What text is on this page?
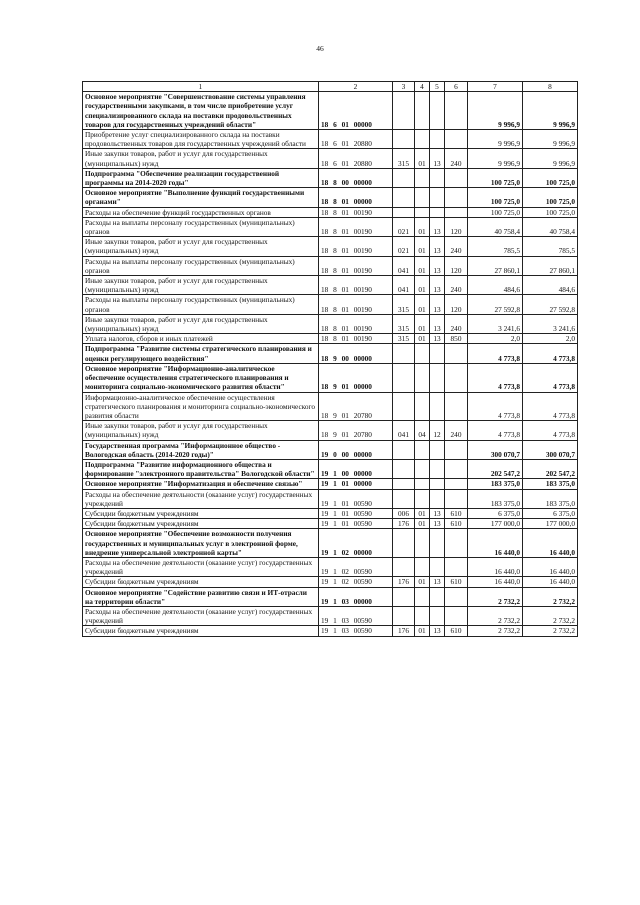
46
1	2	3	4	5	6	7	8
Основное мероприятие "Совершенствование системы управления государственными закупками, в том числе приобретение услуг специализированного склада на поставки продовольственных товаров для государственных учреждений области"	18 6 01 00000					9 996,9	9 996,9
Приобретение услуг специализированного склада на поставки продовольственных товаров для государственных учреждений области	18 6 01 20880					9 996,9	9 996,9
Иные закупки товаров, работ и услуг для государственных (муниципальных) нужд	18 6 01 20880	315	01	13	240	9 996,9	9 996,9
Подпрограмма "Обеспечение реализации государственной программы на 2014-2020 годы"	18 8 00 00000					100 725,0	100 725,0
Основное мероприятие "Выполнение функций государственными органами"	18 8 01 00000					100 725,0	100 725,0
Расходы на обеспечение функций государственных органов	18 8 01 00190					100 725,0	100 725,0
Расходы на выплаты персоналу государственных (муниципальных) органов	18 8 01 00190	021	01	13	120	40 758,4	40 758,4
Иные закупки товаров, работ и услуг для государственных (муниципальных) нужд	18 8 01 00190	021	01	13	240	785,5	785,5
Расходы на выплаты персоналу государственных (муниципальных) органов	18 8 01 00190	041	01	13	120	27 860,1	27 860,1
Иные закупки товаров, работ и услуг для государственных (муниципальных) нужд	18 8 01 00190	041	01	13	240	484,6	484,6
Расходы на выплаты персоналу государственных (муниципальных) органов	18 8 01 00190	315	01	13	120	27 592,8	27 592,8
Иные закупки товаров, работ и услуг для государственных (муниципальных) нужд	18 8 01 00190	315	01	13	240	3 241,6	3 241,6
Уплата налогов, сборов и иных платежей	18 8 01 00190	315	01	13	850	2,0	2,0
Подпрограмма "Развитие системы стратегического планирования и оценки регулирующего воздействия"	18 9 00 00000					4 773,8	4 773,8
Основное мероприятие "Информационно-аналитическое обеспечение осуществления стратегического планирования и мониторинга социально-экономического развития области"	18 9 01 00000					4 773,8	4 773,8
Информационно-аналитическое обеспечение осуществления стратегического планирования и мониторинга социально-экономического развития области	18 9 01 20780					4 773,8	4 773,8
Иные закупки товаров, работ и услуг для государственных (муниципальных) нужд	18 9 01 20780	041	04	12	240	4 773,8	4 773,8
Государственная программа "Информационное общество - Вологодская область (2014-2020 годы)"	19 0 00 00000					300 070,7	300 070,7
Подпрограмма "Развитие информационного общества и формирование "электронного правительства" Вологодской области"	19 1 00 00000					202 547,2	202 547,2
Основное мероприятие "Информатизация и обеспечение связью"	19 1 01 00000					183 375,0	183 375,0
Расходы на обеспечение деятельности (оказание услуг) государственных учреждений	19 1 01 00590					183 375,0	183 375,0
Субсидии бюджетным учреждениям	19 1 01 00590	006	01	13	610	6 375,0	6 375,0
Субсидии бюджетным учреждениям	19 1 01 00590	176	01	13	610	177 000,0	177 000,0
Основное мероприятие "Обеспечение возможности получения государственных и муниципальных услуг в электронной форме, внедрение универсальной электронной карты"	19 1 02 00000					16 440,0	16 440,0
Расходы на обеспечение деятельности (оказание услуг) государственных учреждений	19 1 02 00590					16 440,0	16 440,0
Субсидии бюджетным учреждениям	19 1 02 00590	176	01	13	610	16 440,0	16 440,0
Основное мероприятие "Содействие развитию связи и ИТ-отрасли на территории области"	19 1 03 00000					2 732,2	2 732,2
Расходы на обеспечение деятельности (оказание услуг) государственных учреждений	19 1 03 00590					2 732,2	2 732,2
Субсидии бюджетным учреждениям	19 1 03 00590	176	01	13	610	2 732,2	2 732,2
